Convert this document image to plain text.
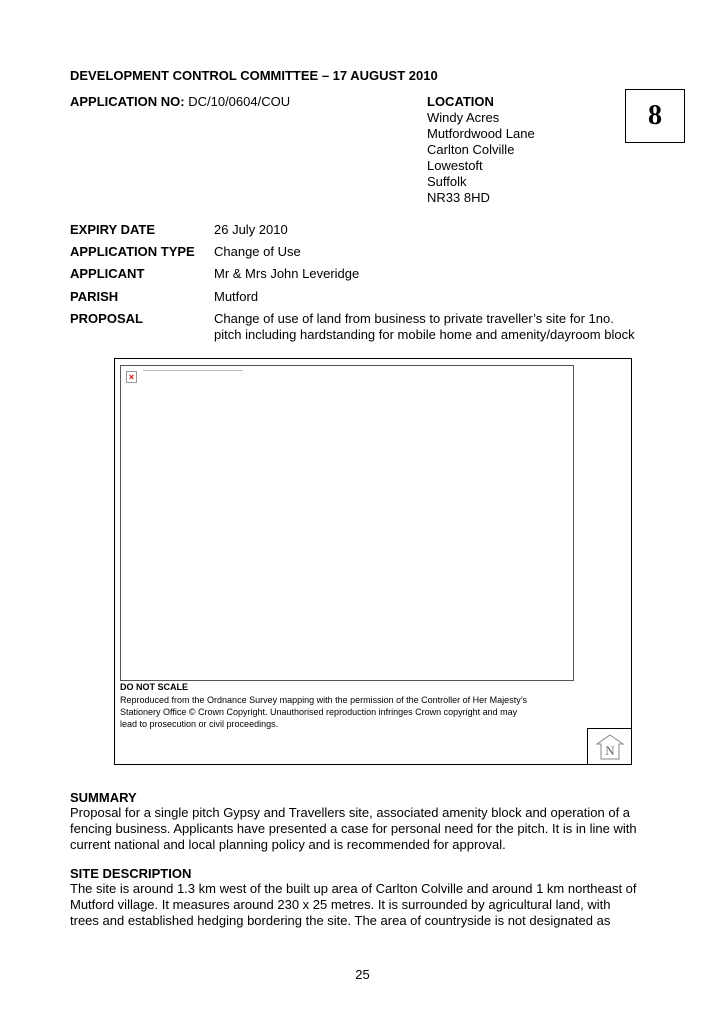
DEVELOPMENT CONTROL COMMITTEE – 17 AUGUST 2010
APPLICATION NO: DC/10/0604/COU	LOCATION
Windy Acres
Mutfordwood Lane
Carlton Colville
Lowestoft
Suffolk
NR33 8HD
8
EXPIRY DATE	26 July 2010
APPLICATION TYPE Change of Use
APPLICANT	Mr & Mrs John Leveridge
PARISH	Mutford
PROPOSAL	Change of use of land from business to private traveller’s site for 1no.
pitch including hardstanding for mobile home and amenity/dayroom block
×
DO NOT SCALE
Reproduced from the Ordnance Survey mapping with the permission of the Controller of Her Majesty’s
Stationery Office © Crown Copyright. Unauthorised reproduction infringes Crown copyright and may
lead to prosecution or civil proceedings.
N
SUMMARY
Proposal for a single pitch Gypsy and Travellers site, associated amenity block and operation of a
fencing business. Applicants have presented a case for personal need for the pitch. It is in line with
current national and local planning policy and is recommended for approval.
SITE DESCRIPTION
The site is around 1.3 km west of the built up area of Carlton Colville and around 1 km northeast of
Mutford village. It measures around 230 x 25 metres. It is surrounded by agricultural land, with
trees and established hedging bordering the site. The area of countryside is not designated as
25
